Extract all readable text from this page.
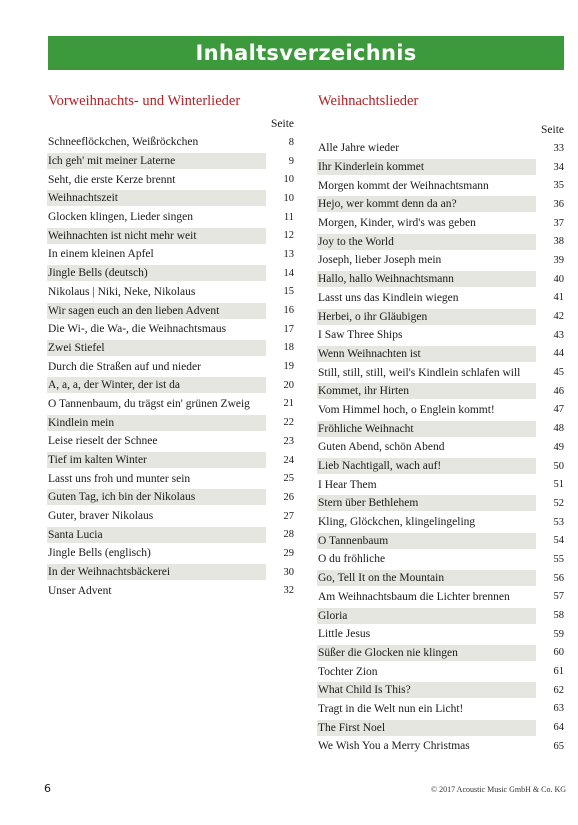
Inhaltsverzeichnis
Vorweihnachts- und Winterlieder
Seite
Schneeflöckchen, Weißröckchen	8
Ich geh' mit meiner Laterne	9
Seht, die erste Kerze brennt	10
Weihnachtszeit	10
Glocken klingen, Lieder singen	11
Weihnachten ist nicht mehr weit	12
In einem kleinen Apfel	13
Jingle Bells (deutsch)	14
Nikolaus | Niki, Neke, Nikolaus	15
Wir sagen euch an den lieben Advent	16
Die Wi-, die Wa-, die Weihnachtsmaus	17
Zwei Stiefel	18
Durch die Straßen auf und nieder	19
A, a, a, der Winter, der ist da	20
O Tannenbaum, du trägst ein' grünen Zweig	21
Kindlein mein	22
Leise rieselt der Schnee	23
Tief im kalten Winter	24
Lasst uns froh und munter sein	25
Guten Tag, ich bin der Nikolaus	26
Guter, braver Nikolaus	27
Santa Lucia	28
Jingle Bells (englisch)	29
In der Weihnachtsbäckerei	30
Unser Advent	32
Weihnachtslieder
Seite
Alle Jahre wieder	33
Ihr Kinderlein kommet	34
Morgen kommt der Weihnachtsmann	35
Hejo, wer kommt denn da an?	36
Morgen, Kinder, wird's was geben	37
Joy to the World	38
Joseph, lieber Joseph mein	39
Hallo, hallo Weihnachtsmann	40
Lasst uns das Kindlein wiegen	41
Herbei, o ihr Gläubigen	42
I Saw Three Ships	43
Wenn Weihnachten ist	44
Still, still, still, weil's Kindlein schlafen will	45
Kommet, ihr Hirten	46
Vom Himmel hoch, o Englein kommt!	47
Fröhliche Weihnacht	48
Guten Abend, schön Abend	49
Lieb Nachtigall, wach auf!	50
I Hear Them	51
Stern über Bethlehem	52
Kling, Glöckchen, klingelingeling	53
O Tannenbaum	54
O du fröhliche	55
Go, Tell It on the Mountain	56
Am Weihnachtsbaum die Lichter brennen	57
Gloria	58
Little Jesus	59
Süßer die Glocken nie klingen	60
Tochter Zion	61
What Child Is This?	62
Tragt in die Welt nun ein Licht!	63
The First Noel	64
We Wish You a Merry Christmas	65
6	© 2017 Acoustic Music GmbH & Co. KG
